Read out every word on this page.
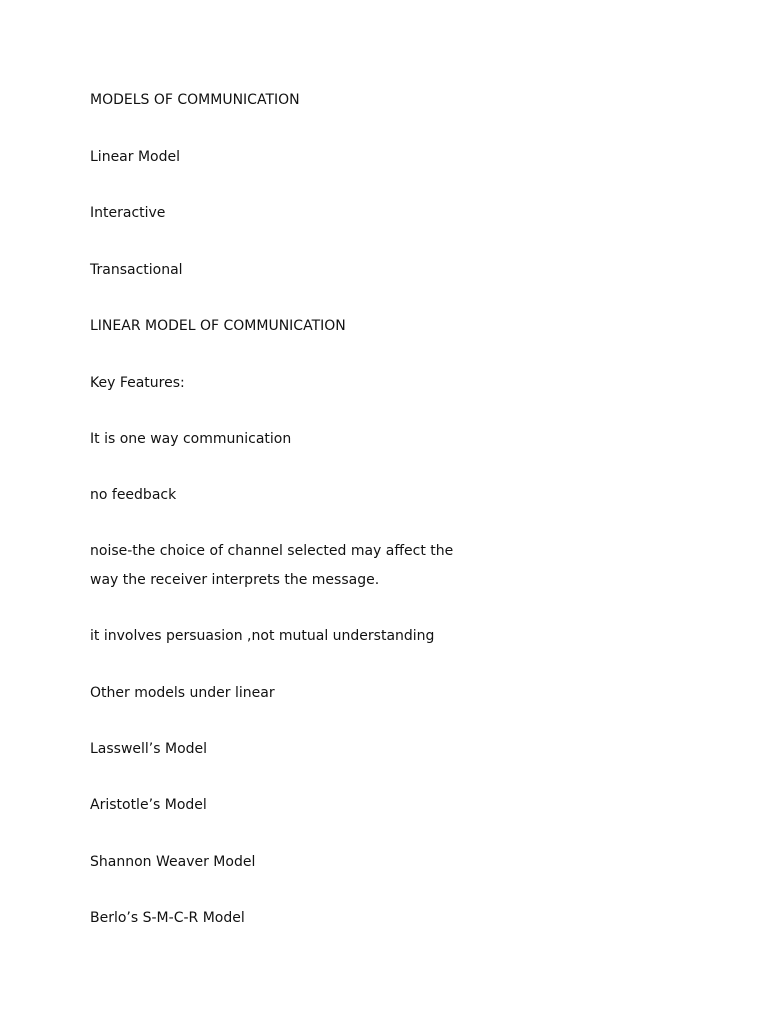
MODELS OF COMMUNICATION

Linear Model

Interactive

Transactional

LINEAR MODEL OF COMMUNICATION

Key Features:

It is one way communication

no feedback

noise-the choice of channel selected may affect the way the receiver interprets the message.

it involves persuasion ,not mutual understanding

Other models under linear

Lasswell’s Model

Aristotle’s Model

Shannon Weaver Model

Berlo’s S-M-C-R Model
